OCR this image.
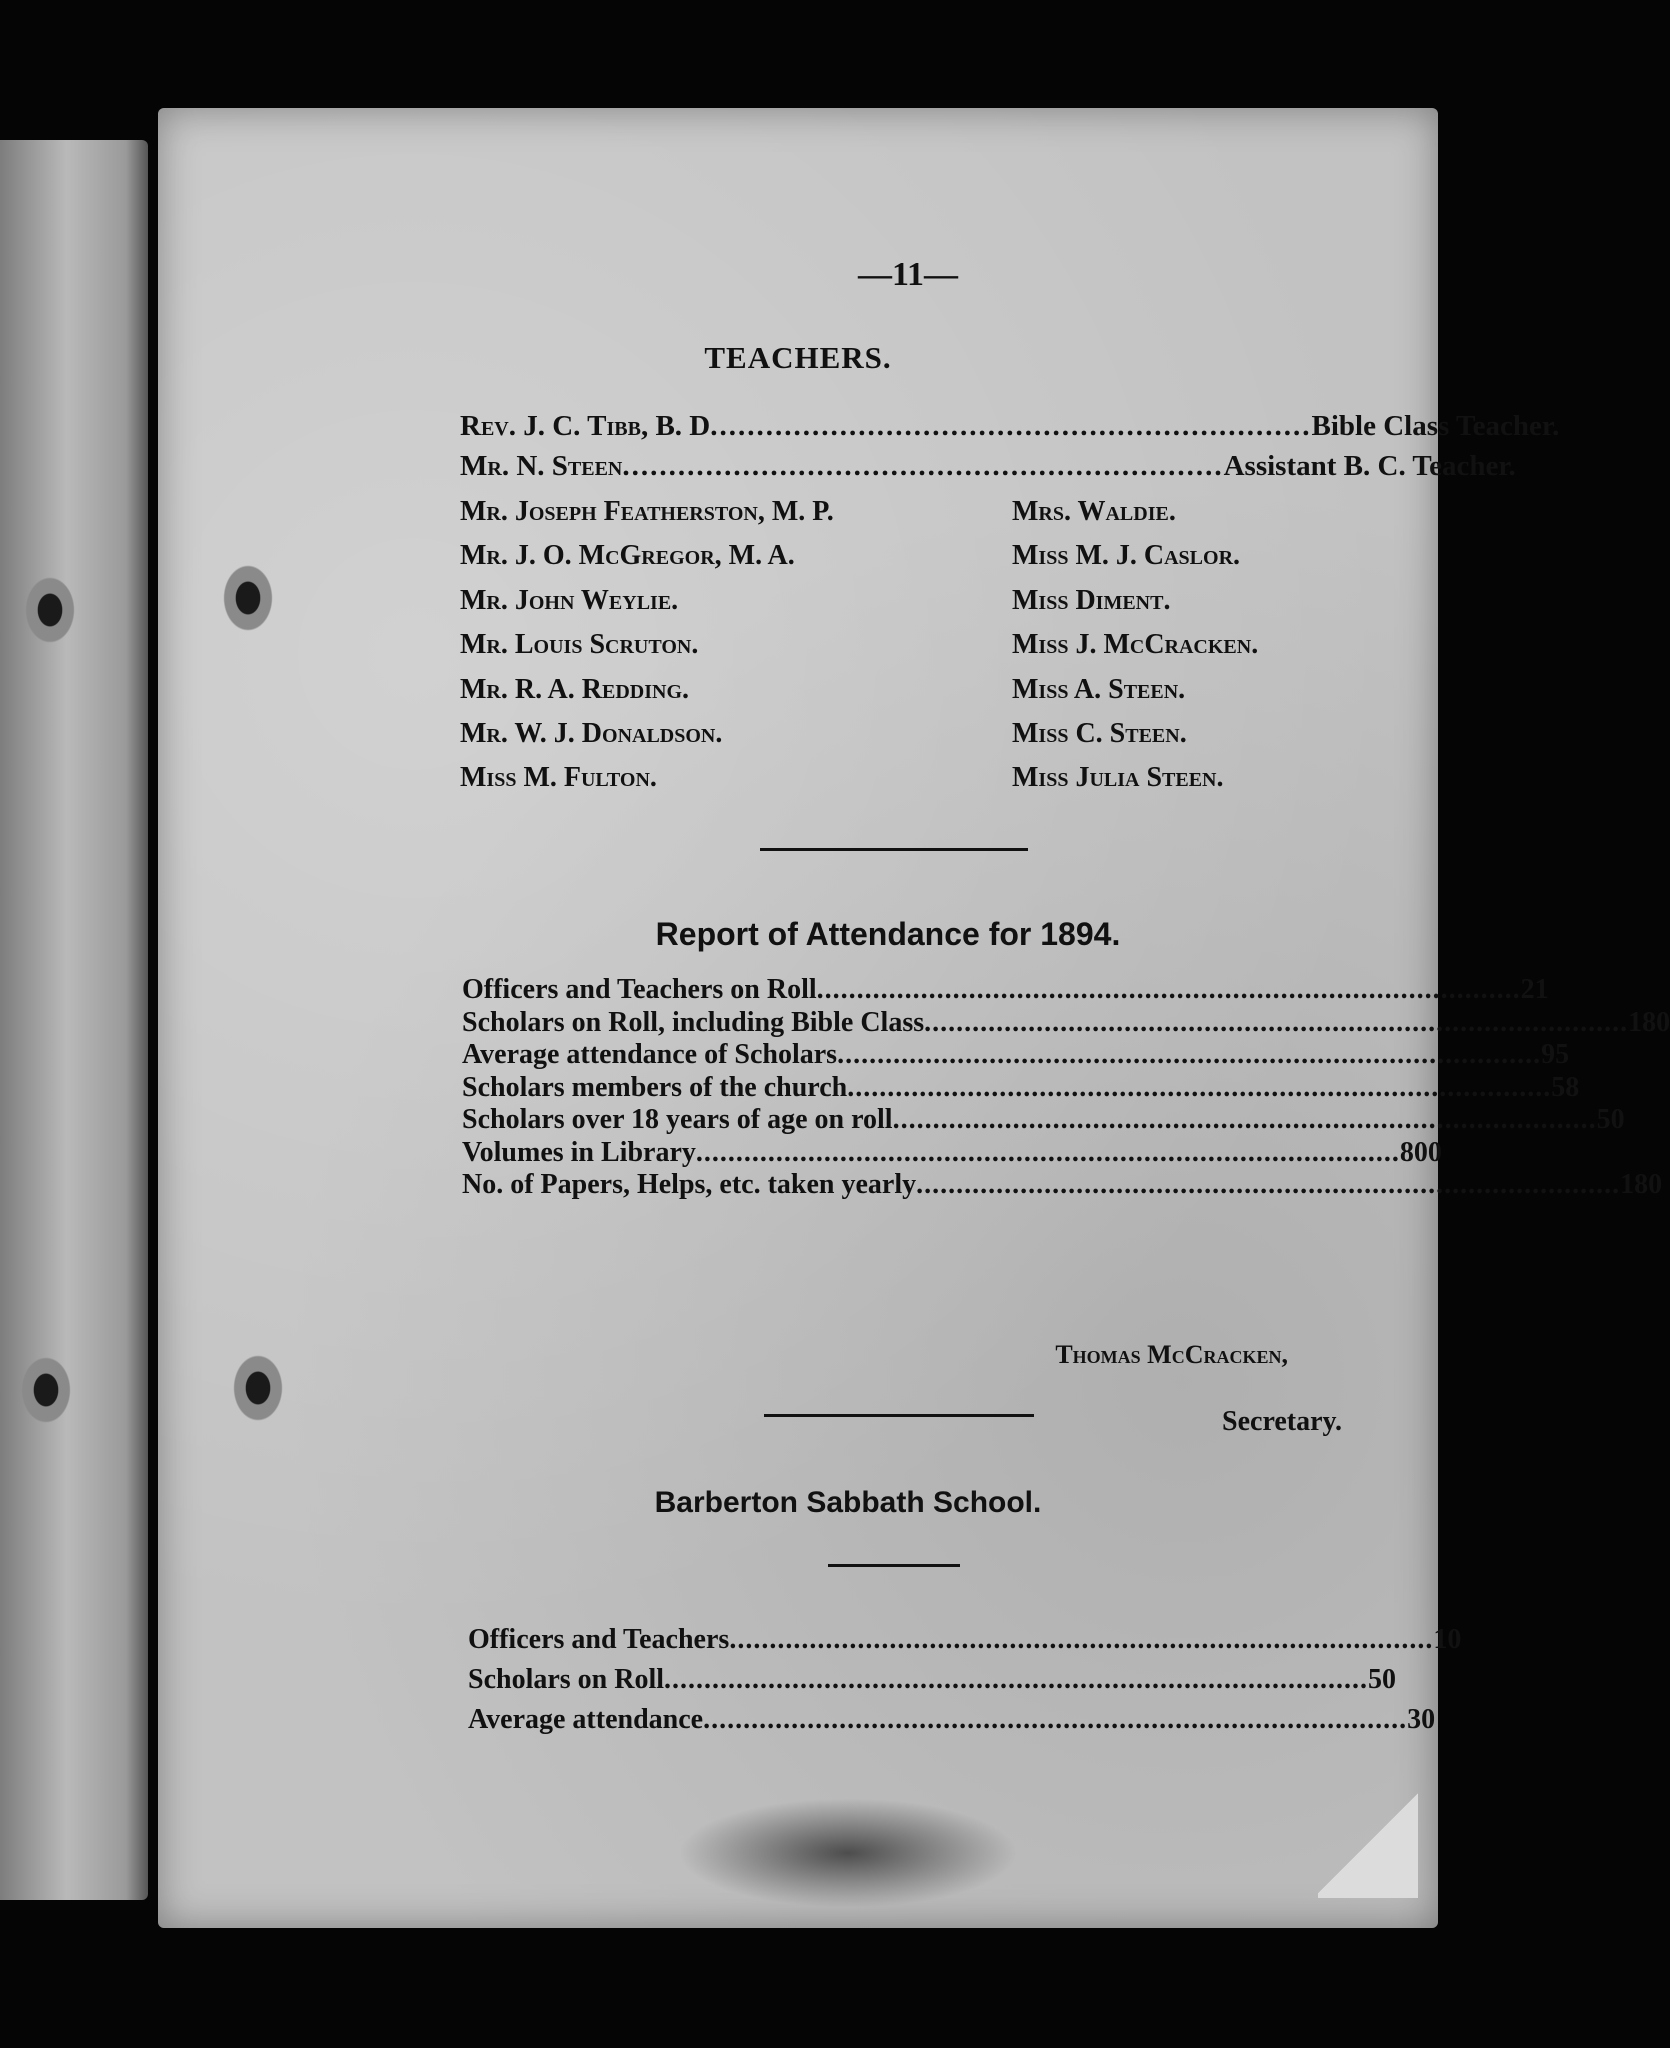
—11—
TEACHERS.
Rev. J. C. Tibb, B. D ................................................................. Bible Class Teacher.
Mr. N. Steen ................................................................. Assistant B. C. Teacher.
Mr. Joseph Featherston, M. P.
Mr. J. O. McGregor, M. A.
Mr. John Weylie.
Mr. Louis Scruton.
Mr. R. A. Redding.
Mr. W. J. Donaldson.
Miss M. Fulton.
Mrs. Waldie.
Miss M. J. Caslor.
Miss Diment.
Miss J. McCracken.
Miss A. Steen.
Miss C. Steen.
Miss Julia Steen.
Report of Attendance for 1894.
Officers and Teachers on Roll ........................................................................................ 21
Scholars on Roll, including Bible Class ........................................................................................ 180
Average attendance of Scholars ........................................................................................ 95
Scholars members of the church ........................................................................................ 58
Scholars over 18 years of age on roll ........................................................................................ 50
Volumes in Library ........................................................................................ 800
No. of Papers, Helps, etc. taken yearly ........................................................................................ 180
Thomas McCracken,
Secretary.
Barberton Sabbath School.
Officers and Teachers ........................................................................................ 10
Scholars on Roll ........................................................................................ 50
Average attendance ........................................................................................ 30
